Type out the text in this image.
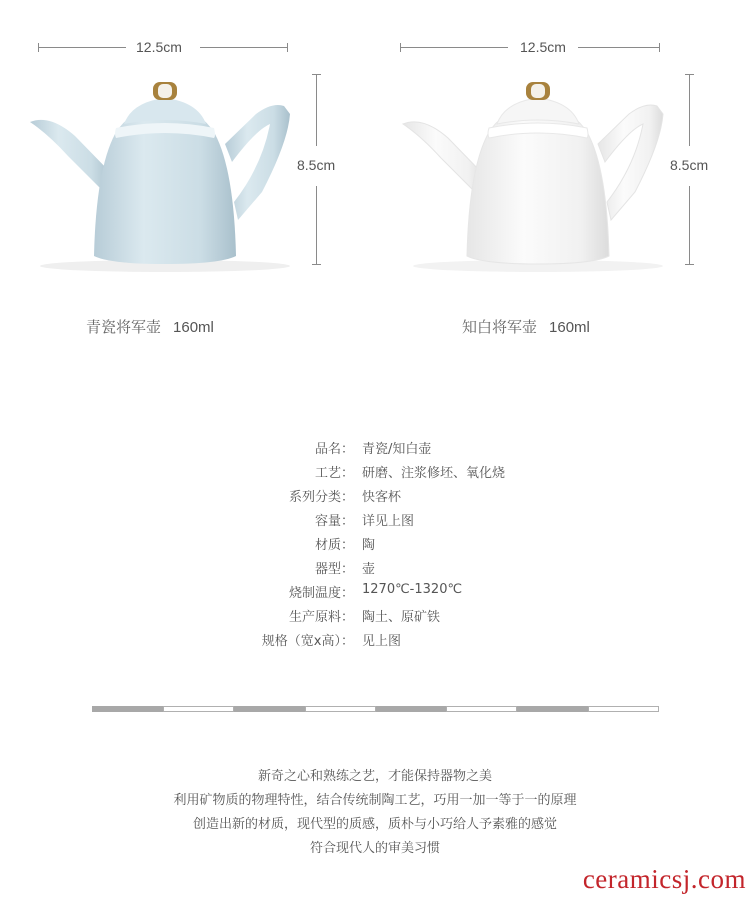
12.5cm
8.5cm
青瓷将军壶 160ml
12.5cm
8.5cm
知白将军壶 160ml
品名： 青瓷/知白壶
工艺： 研磨、注浆修坯、氧化烧
系列分类： 快客杯
容量： 详见上图
材质： 陶
器型： 壶
烧制温度： 1270℃-1320℃
生产原料： 陶土、原矿铁
规格（宽x高）： 见上图
新奇之心和熟练之艺，才能保持器物之美
利用矿物质的物理特性，结合传统制陶工艺，巧用一加一等于一的原理
创造出新的材质，现代型的质感，质朴与小巧给人予素雅的感觉
符合现代人的审美习惯
ceramicsj.com
